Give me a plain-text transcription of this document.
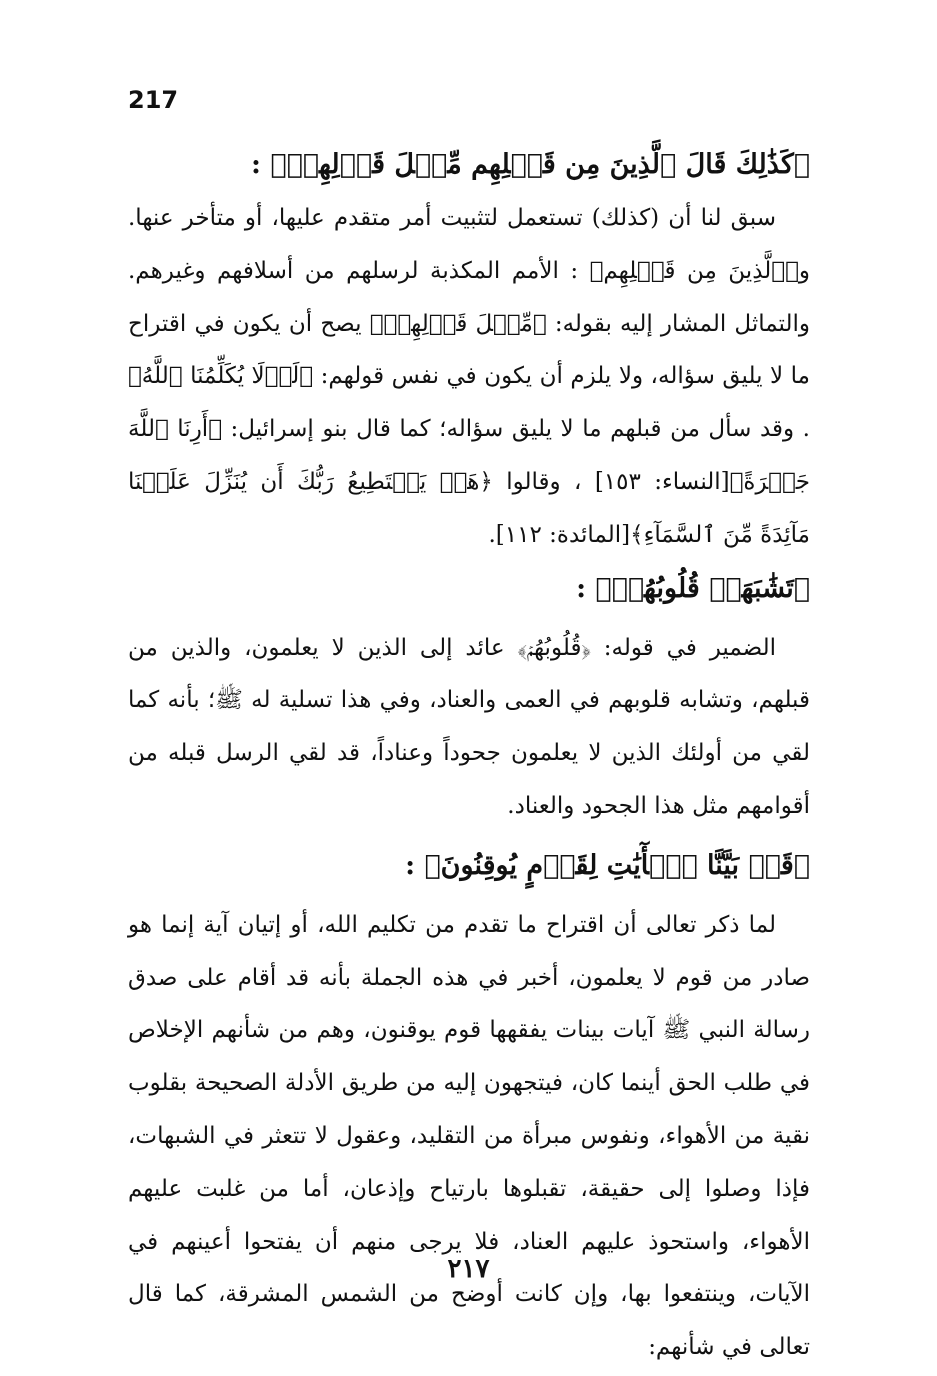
217
﴿كَذَٰلِكَ قَالَ ٱلَّذِينَ مِن قَبۡلِهِم مِّثۡلَ قَوۡلِهِمۡ﴾ :

سبق لنا أن (كذلك) تستعمل لتثبيت أمر متقدم عليها، أو متأخر عنها. و﴿ٱلَّذِينَ مِن قَبۡلِهِم﴾ : الأمم المكذبة لرسلهم من أسلافهم وغيرهم. والتماثل المشار إليه بقوله: ﴿مِّثۡلَ قَوۡلِهِمۡ﴾ يصح أن يكون في اقتراح ما لا يليق سؤاله، ولا يلزم أن يكون في نفس قولهم: ﴿لَوۡلَا يُكَلِّمُنَا ٱللَّهُ﴾ . وقد سأل من قبلهم ما لا يليق سؤاله؛ كما قال بنو إسرائيل: ﴿أَرِنَا ٱللَّهَ جَهۡرَةً﴾[النساء: ١٥٣] ، وقالوا ﴿هَلۡ يَسۡتَطِيعُ رَبُّكَ أَن يُنَزِّلَ عَلَيۡنَا مَآئِدَةً مِّنَ ٱلسَّمَآءِ﴾[المائدة: ١١٢].

﴿تَشَٰبَهَتۡ قُلُوبُهُمۡ﴾ :

الضمير في قوله: ﴿قُلُوبُهُمۡ﴾ عائد إلى الذين لا يعلمون، والذين من قبلهم، وتشابه قلوبهم في العمى والعناد، وفي هذا تسلية له ﷺ؛ بأنه كما لقي من أولئك الذين لا يعلمون جحوداً وعناداً، قد لقي الرسل قبله من أقوامهم مثل هذا الجحود والعناد.

﴿قَدۡ بَيَّنَّا ٱلۡأٓيَٰتِ لِقَوۡمٍ يُوقِنُونَ﴾ :

لما ذكر تعالى أن اقتراح ما تقدم من تكليم الله، أو إتيان آية إنما هو صادر من قوم لا يعلمون، أخبر في هذه الجملة بأنه قد أقام على صدق رسالة النبي ﷺ آيات بينات يفقهها قوم يوقنون، وهم من شأنهم الإخلاص في طلب الحق أينما كان، فيتجهون إليه من طريق الأدلة الصحيحة بقلوب نقية من الأهواء، ونفوس مبرأة من التقليد، وعقول لا تتعثر في الشبهات، فإذا وصلوا إلى حقيقة، تقبلوها بارتياح وإذعان، أما من غلبت عليهم الأهواء، واستحوذ عليهم العناد، فلا يرجى منهم أن يفتحوا أعينهم في الآيات، وينتفعوا بها، وإن كانت أوضح من الشمس المشرقة، كما قال تعالى في شأنهم:

٢١٧
